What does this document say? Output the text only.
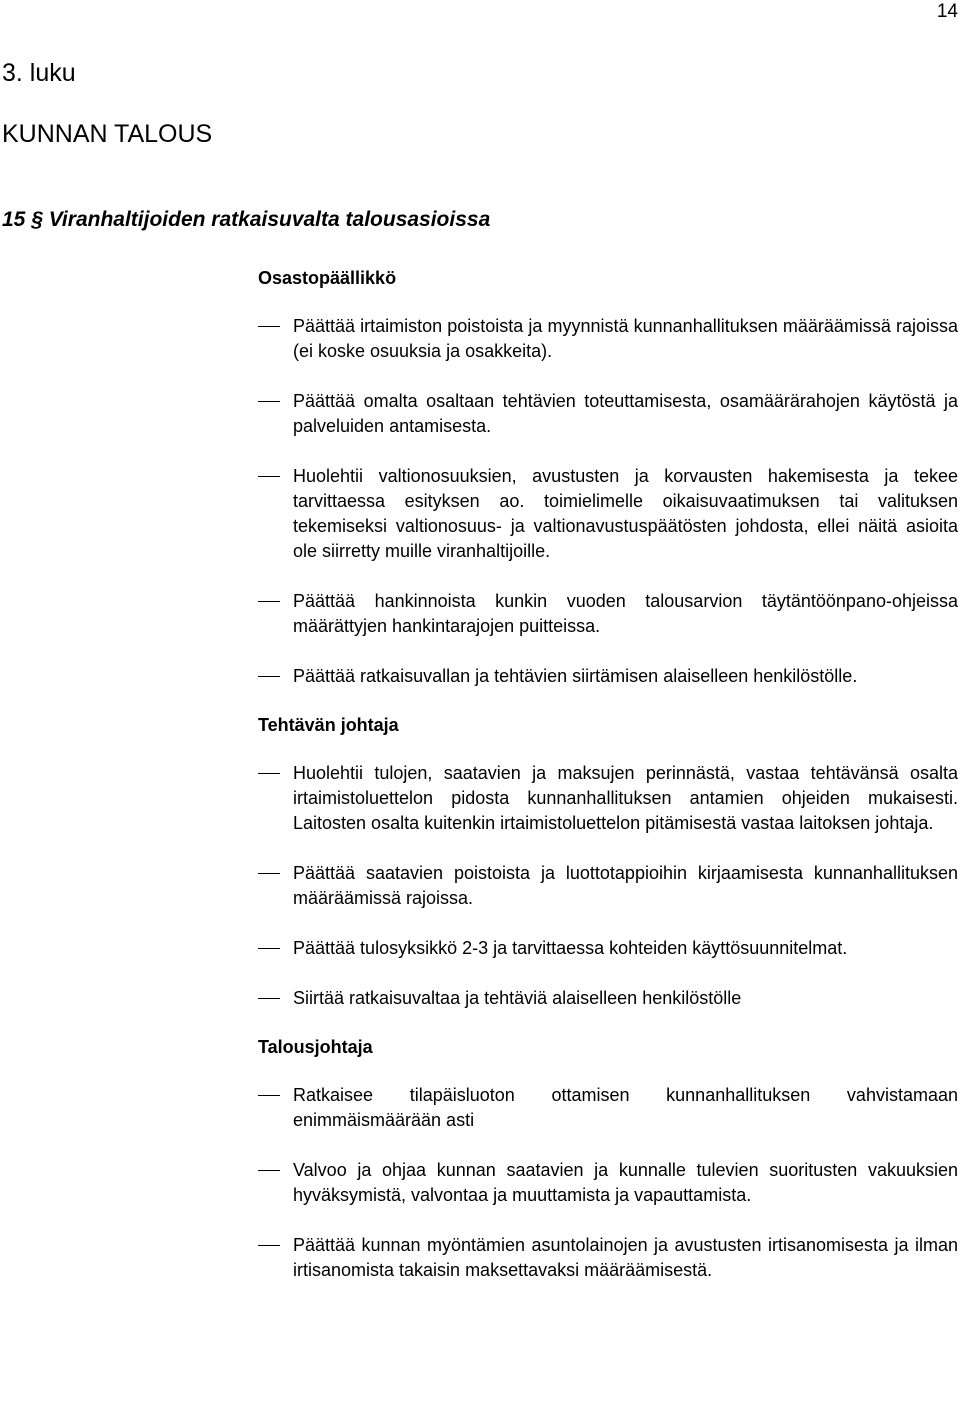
14
3. luku
KUNNAN TALOUS
15 § Viranhaltijoiden ratkaisuvalta talousasioissa

Osastopäällikkö

Päättää irtaimiston poistoista ja myynnistä kunnanhallituksen määräämissä rajoissa (ei koske osuuksia ja osakkeita).
Päättää omalta osaltaan tehtävien toteuttamisesta, osamäärärahojen käytöstä ja palveluiden antamisesta.
Huolehtii valtionosuuksien, avustusten ja korvausten hakemisesta ja tekee tarvittaessa esityksen ao. toimielimelle oikaisuvaatimuksen tai valituksen tekemiseksi valtionosuus- ja valtionavustuspäätösten johdosta, ellei näitä asioita ole siirretty muille viranhaltijoille.
Päättää hankinnoista kunkin vuoden talousarvion täytäntöönpano-ohjeissa määrättyjen hankintarajojen puitteissa.
Päättää ratkaisuvallan ja tehtävien siirtämisen alaiselleen henkilöstölle.

Tehtävän johtaja

Huolehtii tulojen, saatavien ja maksujen perinnästä, vastaa tehtävänsä osalta irtaimistoluettelon pidosta kunnanhallituksen antamien ohjeiden mukaisesti. Laitosten osalta kuitenkin irtaimistoluettelon pitämisestä vastaa laitoksen johtaja.
Päättää saatavien poistoista ja luottotappioihin kirjaamisesta kunnanhallituksen määräämissä rajoissa.
Päättää tulosyksikkö 2-3 ja tarvittaessa kohteiden käyttösuunnitelmat.
Siirtää ratkaisuvaltaa ja tehtäviä alaiselleen henkilöstölle

Talousjohtaja

Ratkaisee tilapäisluoton ottamisen kunnanhallituksen vahvistamaan enimmäismäärään asti
Valvoo ja ohjaa kunnan saatavien ja kunnalle tulevien suoritusten vakuuksien hyväksymistä, valvontaa ja muuttamista ja vapauttamista.
Päättää kunnan myöntämien asuntolainojen ja avustusten irtisanomisesta ja ilman irtisanomista takaisin maksettavaksi määräämisestä.
